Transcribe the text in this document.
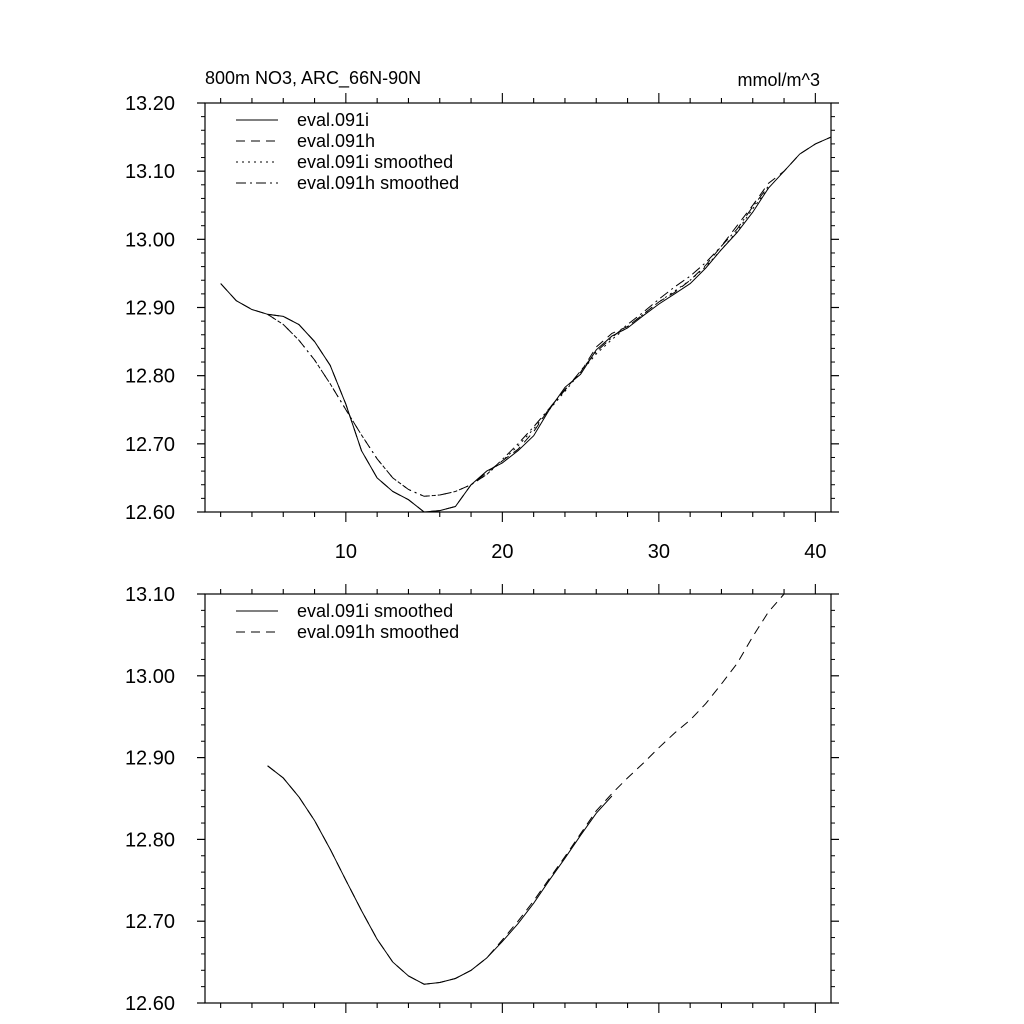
800m NO3, ARC_66N-90N	mmol/m^3
12.60
12.70
12.80
12.90
13.00
13.10
13.20
10	20	30	40
eval.091i
eval.091h
eval.091i smoothed
eval.091h smoothed
12.60
12.70
12.80
12.90
13.00
13.10
eval.091i smoothed
eval.091h smoothed
